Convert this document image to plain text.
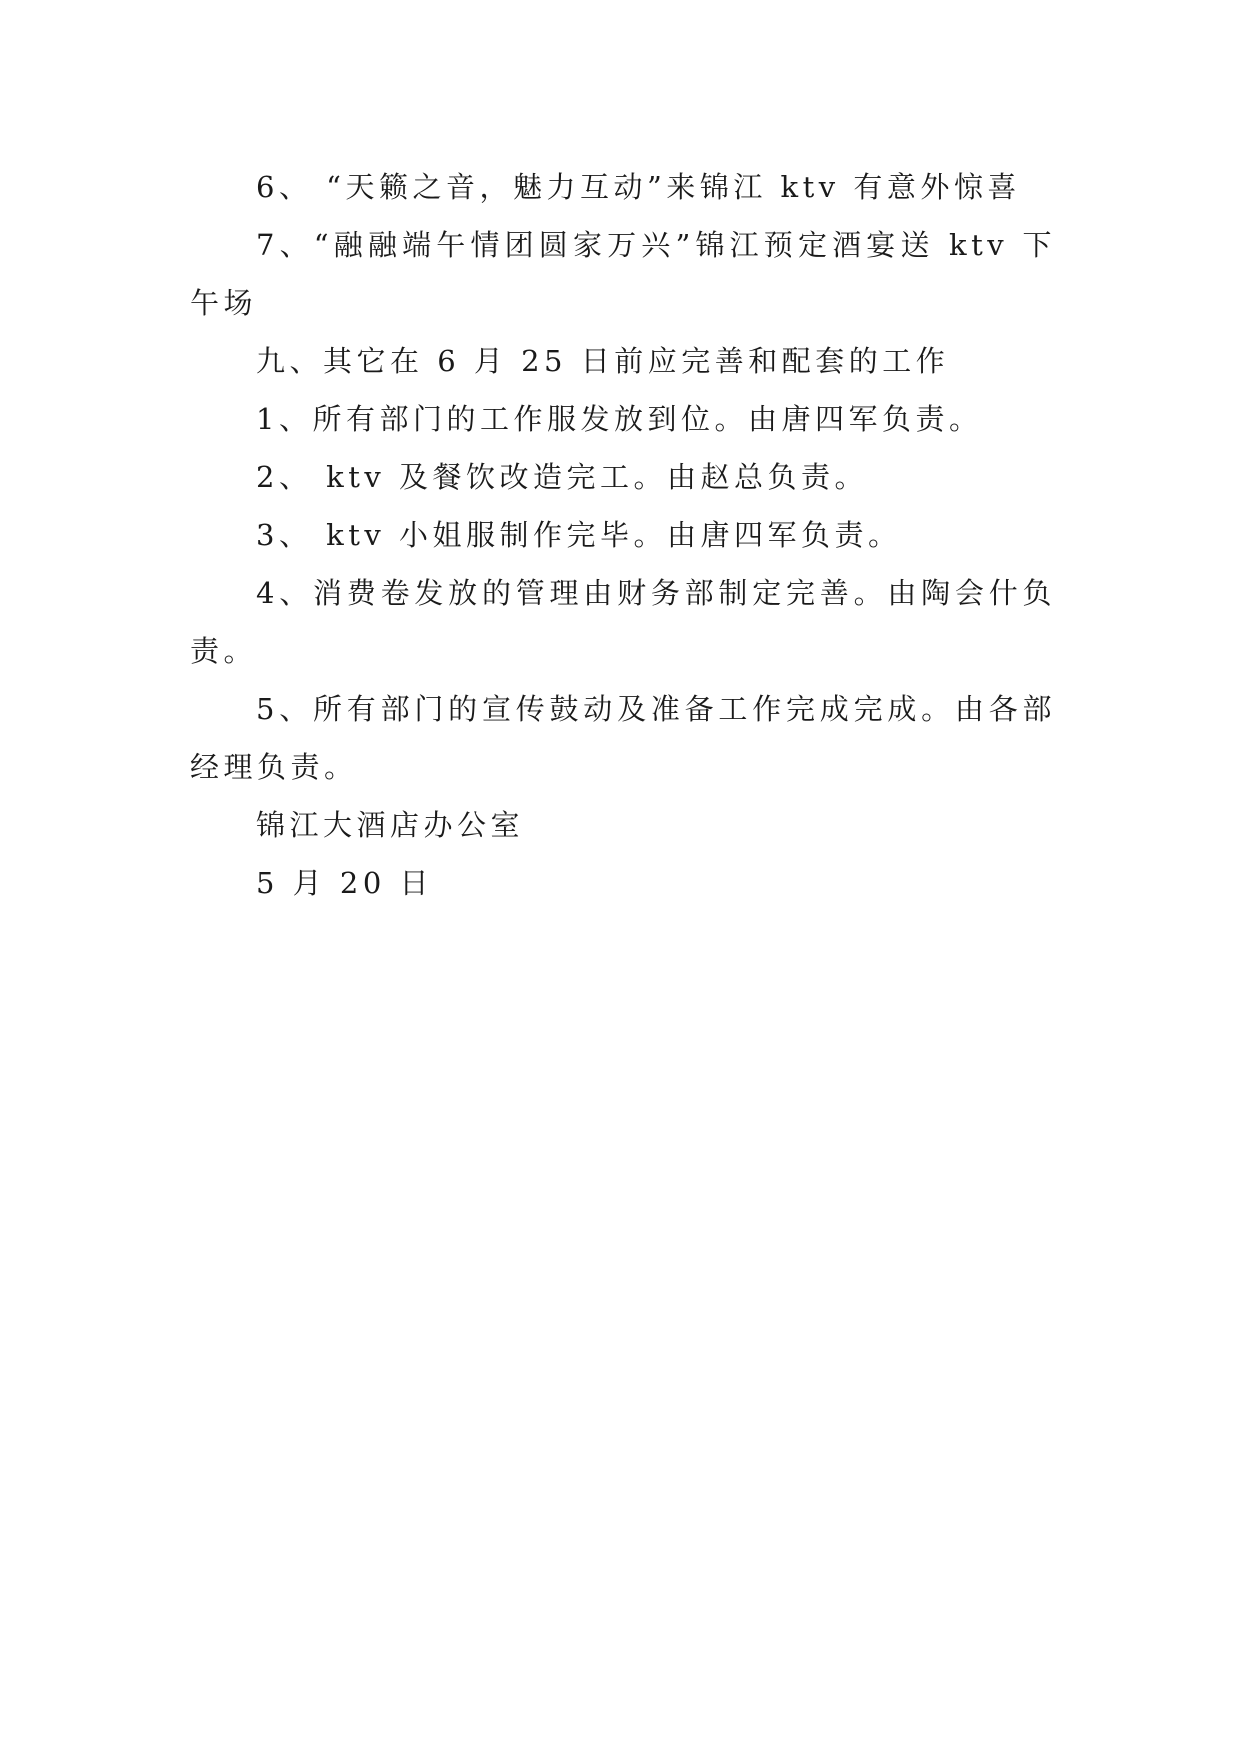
6、 “天籁之音，魅力互动”来锦江 ktv 有意外惊喜

7、“融融端午情团圆家万兴”锦江预定酒宴送 ktv 下午场

九、其它在 6 月 25 日前应完善和配套的工作

1、所有部门的工作服发放到位。由唐四军负责。

2、 ktv 及餐饮改造完工。由赵总负责。

3、 ktv 小姐服制作完毕。由唐四军负责。

4、消费卷发放的管理由财务部制定完善。由陶会什负责。

5、所有部门的宣传鼓动及准备工作完成完成。由各部经理负责。

锦江大酒店办公室

5 月 20 日
